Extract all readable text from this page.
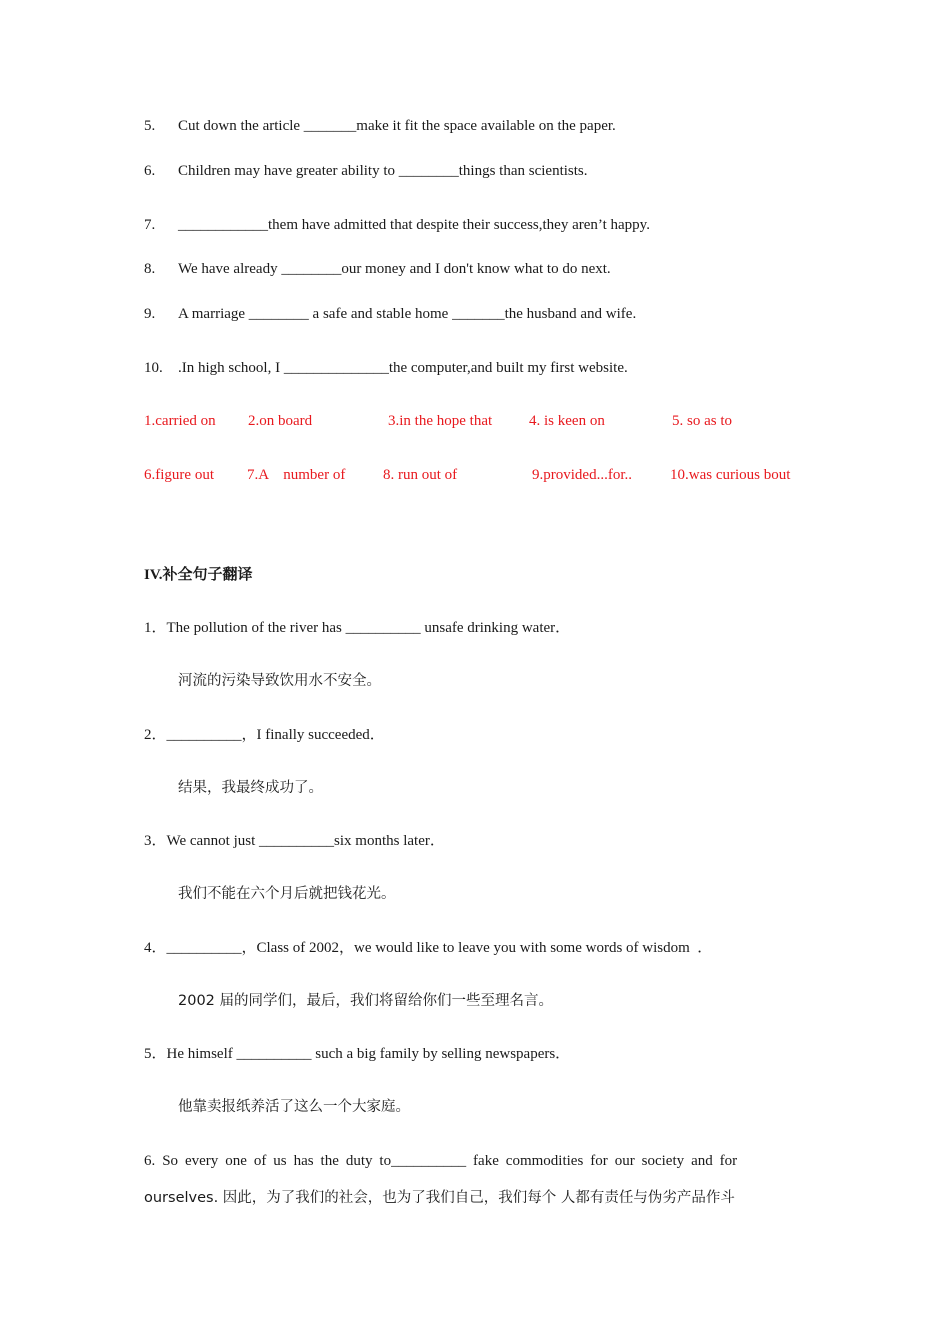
5. Cut down the article _______make it fit the space available on the paper.
6. Children may have greater ability to ________things than scientists.
7. ____________them have admitted that despite their success,they aren’t happy.
8. We have already ________our money and I don't know what to do next.
9. A marriage ________ a safe and stable home _______the husband and wife.
10. .In high school, I ______________the computer,and built my first website.
1.carried on 2.on board	3.in the hope that 4. is keen on	5. so as to
6.figure out 7.A    number of	8. run out of	9.provided...for..	10.was curious bout
IV.补全句子翻译
1．The pollution of the river has __________ unsafe drinking water．
河流的污染导致饮用水不安全。
2．__________，I finally succeeded．
结果，我最终成功了。
3．We cannot just __________six months later．
我们不能在六个月后就把钱花光。
4．__________，Class of 2002，we would like to leave you with some words of wisdom  ．
2002 届的同学们，最后，我们将留给你们一些至理名言。
5．He himself __________ such a big family by selling newspapers．
他靠卖报纸养活了这么一个大家庭。
6. So every one of us has the duty to__________ fake commodities for our society and for
ourselves. 因此，为了我们的社会，也为了我们自己，我们每个 人都有责任与伪劣产品作斗
